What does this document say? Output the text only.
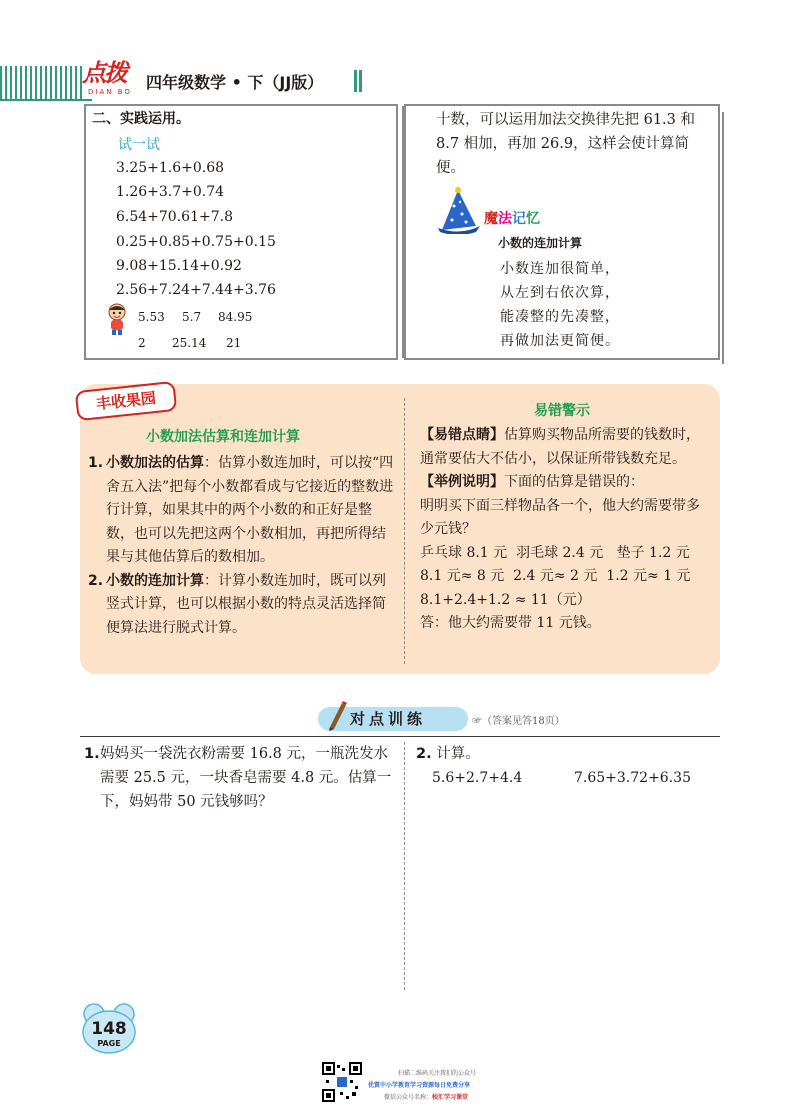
点拨
DIAN BO 四年级数学 • 下（JJ版）
二、实践运用。
试一试
3.25+1.6+0.68
1.26+3.7+0.74
6.54+70.61+7.8
0.25+0.85+0.75+0.15
9.08+15.14+0.92
2.56+7.24+7.44+3.76
5.53 5.7 84.95
2 25.14 21
十数，可以运用加法交换律先把 61.3 和 8.7 相加，再加 26.9，这样会使计算简便。
魔法记忆
小数的连加计算
小数连加很简单，
从左到右依次算，
能凑整的先凑整，
再做加法更简便。
丰收果园
小数加法估算和连加计算
1. 小数加法的估算：估算小数连加时，可以按“四舍五入法”把每个小数都看成与它接近的整数进行计算，如果其中的两个小数的和正好是整数，也可以先把这两个小数相加，再把所得结果与其他估算后的数相加。
2. 小数的连加计算：计算小数连加时，既可以列竖式计算，也可以根据小数的特点灵活选择简便算法进行脱式计算。
易错警示
【易错点睛】估算购买物品所需要的钱数时，通常要估大不估小，以保证所带钱数充足。
【举例说明】下面的估算是错误的：
明明买下面三样物品各一个，他大约需要带多少元钱？
乒乓球 8.1 元  羽毛球 2.4 元   垫子 1.2 元
8.1 元≈ 8 元  2.4 元≈ 2 元  1.2 元≈ 1 元
8.1+2.4+1.2 ≈ 11（元）
答：他大约需要带 11 元钱。
对点训练	☞（答案见答18页）
1. 妈妈买一袋洗衣粉需要 16.8 元，一瓶洗发水需要 25.5 元，一块香皂需要 4.8 元。估算一下，妈妈带 50 元钱够吗？
2. 计算。
5.6+2.7+4.4	7.65+3.72+6.35
148
PAGE
扫描二维码关注我们的公众号
优質中小学教育学习资源每日免费分享
微信公众号名称：校汇学习课堂
